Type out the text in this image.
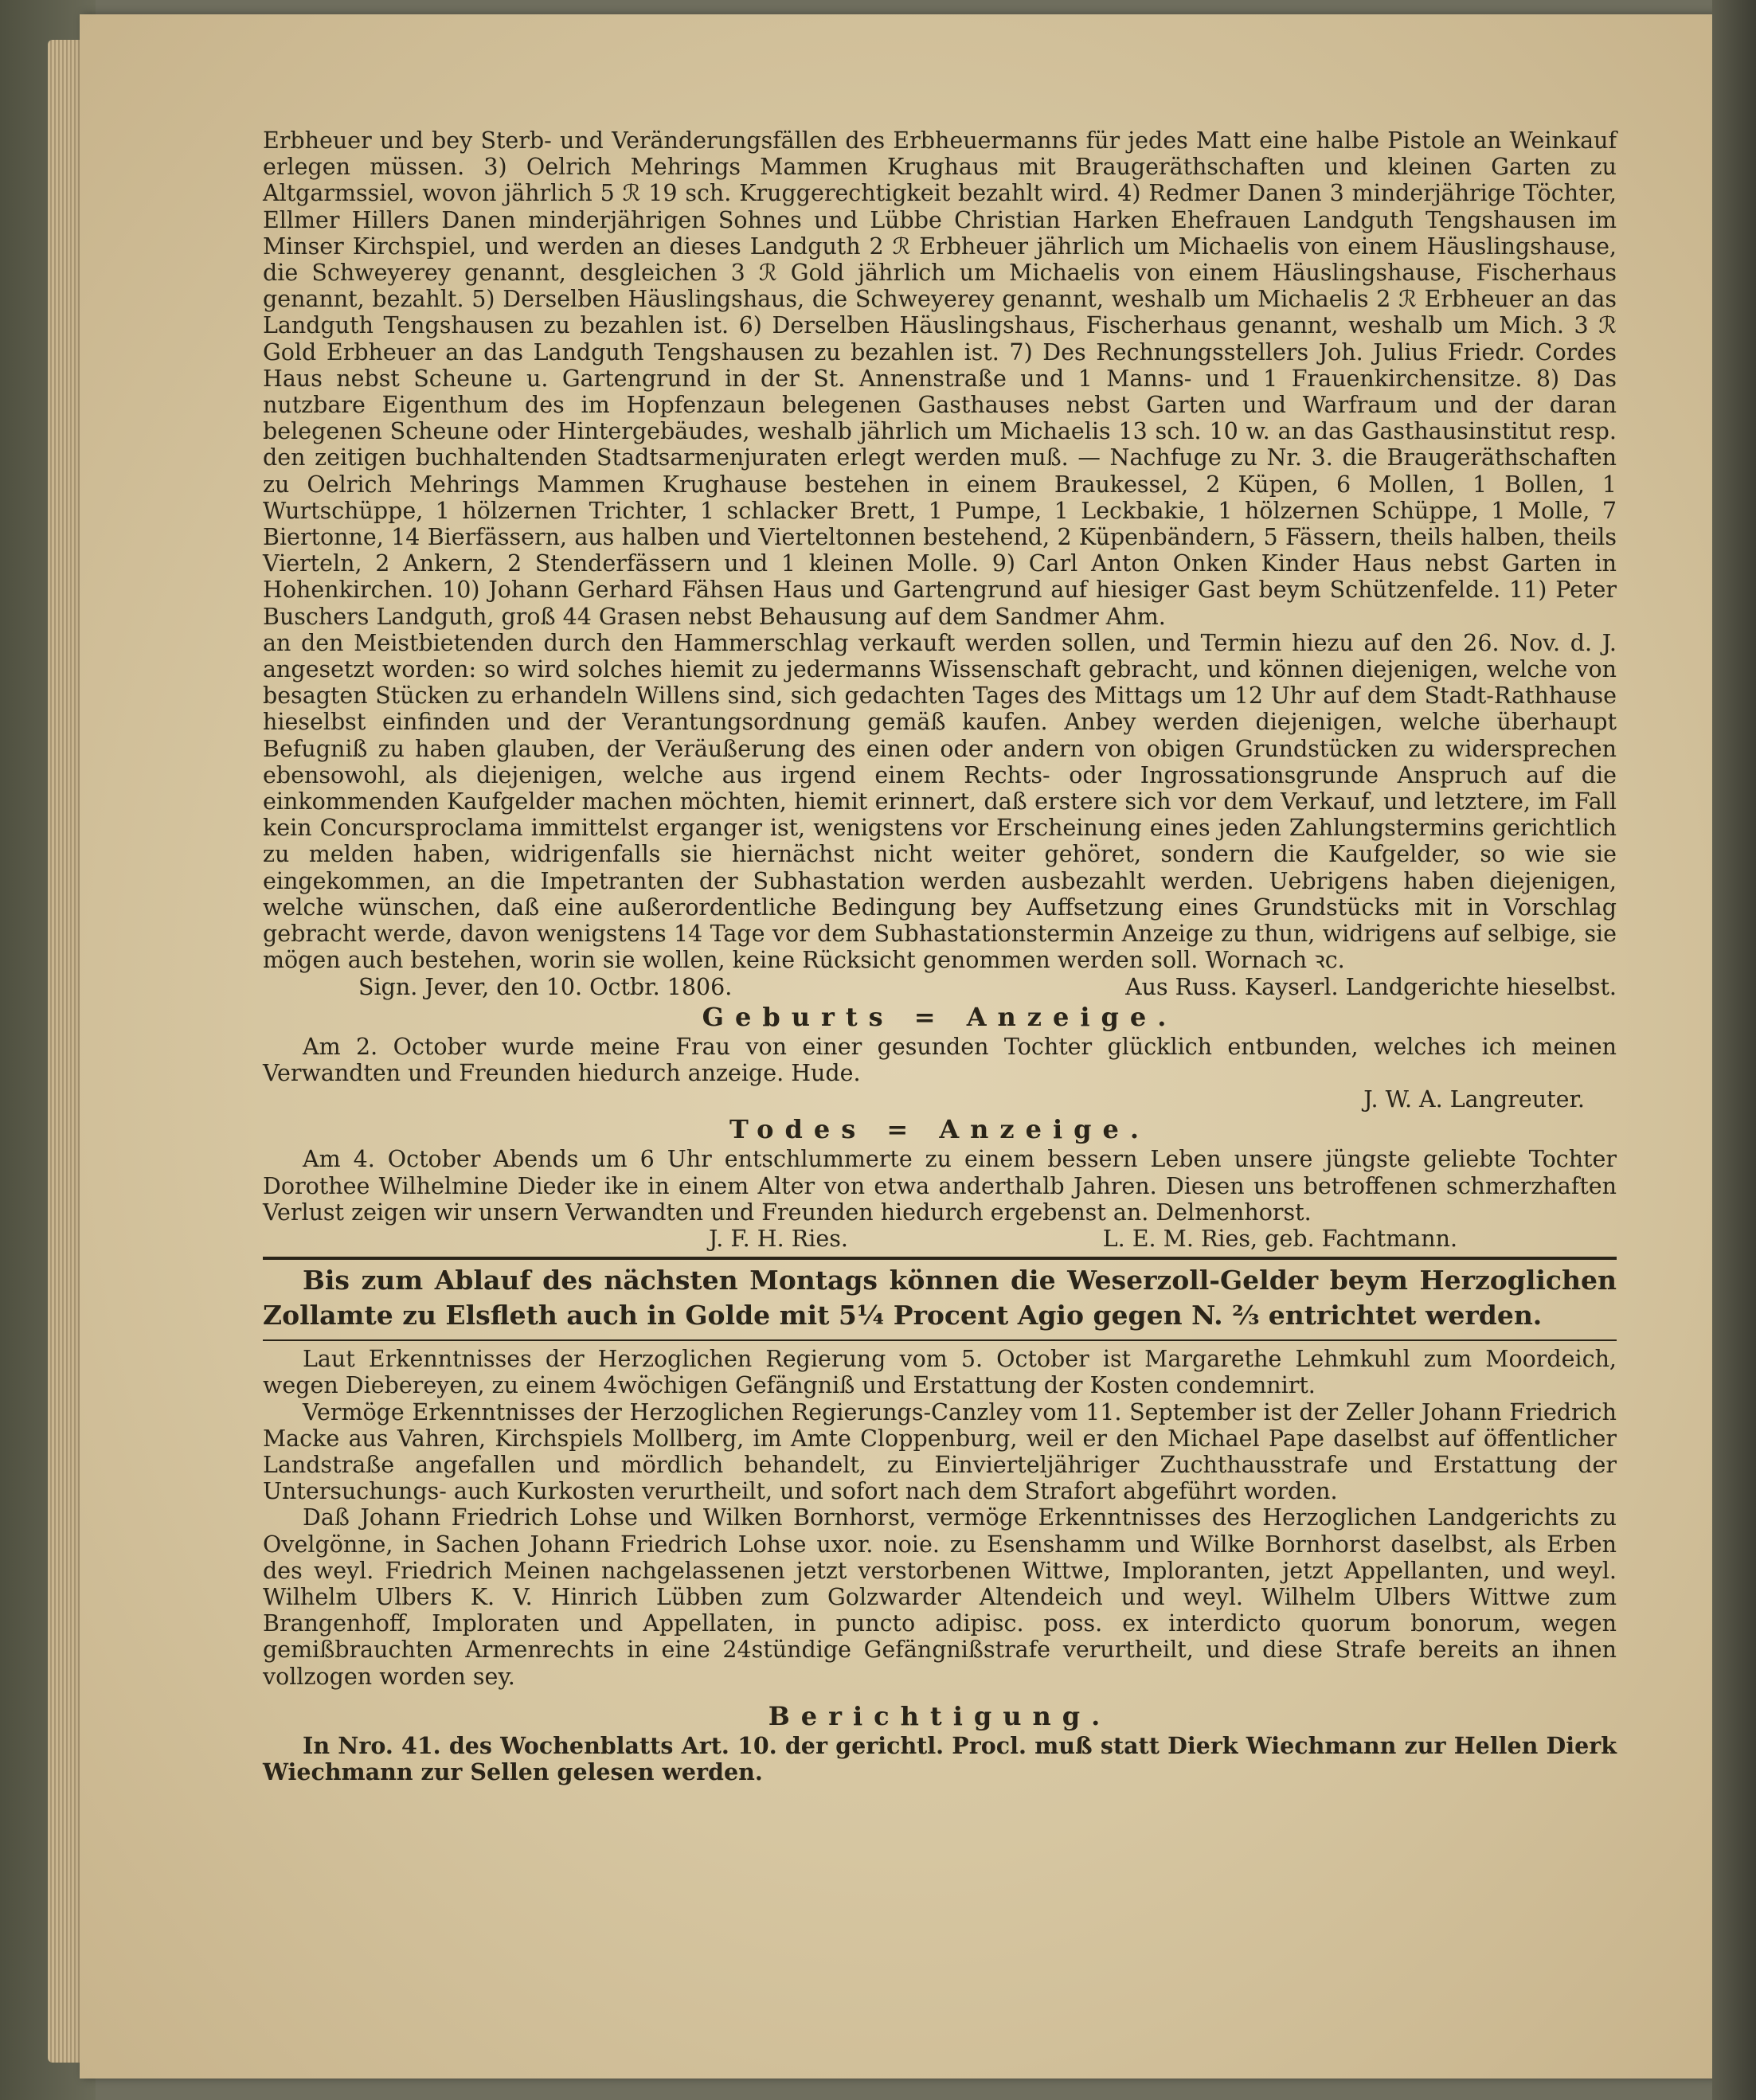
Erbheuer und bey Sterb- und Veränderungsfällen des Erbheuermanns für jedes Matt eine halbe Pistole an Weinkauf erlegen müssen. 3) Oelrich Mehrings Mammen Krughaus mit Braugeräthschaften und kleinen Garten zu Altgarmssiel, wovon jährlich 5 ℛ 19 sch. Kruggerechtigkeit bezahlt wird. 4) Redmer Danen 3 minderjährige Töchter, Ellmer Hillers Danen minderjährigen Sohnes und Lübbe Christian Harken Ehefrauen Landguth Tengshausen im Minser Kirchspiel, und werden an dieses Landguth 2 ℛ Erbheuer jährlich um Michaelis von einem Häuslingshause, die Schweyerey genannt, desgleichen 3 ℛ Gold jährlich um Michaelis von einem Häuslingshause, Fischerhaus genannt, bezahlt. 5) Derselben Häuslingshaus, die Schweyerey genannt, weshalb um Michaelis 2 ℛ Erbheuer an das Landguth Tengshausen zu bezahlen ist. 6) Derselben Häuslingshaus, Fischerhaus genannt, weshalb um Mich. 3 ℛ Gold Erbheuer an das Landguth Tengshausen zu bezahlen ist. 7) Des Rechnungsstellers Joh. Julius Friedr. Cordes Haus nebst Scheune u. Gartengrund in der St. Annenstraße und 1 Manns- und 1 Frauenkirchensitze. 8) Das nutzbare Eigenthum des im Hopfenzaun belegenen Gasthauses nebst Garten und Warfraum und der daran belegenen Scheune oder Hintergebäudes, weshalb jährlich um Michaelis 13 sch. 10 w. an das Gasthausinstitut resp. den zeitigen buchhaltenden Stadtsarmenjuraten erlegt werden muß. — Nachfuge zu Nr. 3. die Braugeräthschaften zu Oelrich Mehrings Mammen Krughause bestehen in einem Braukessel, 2 Küpen, 6 Mollen, 1 Bollen, 1 Wurtschüppe, 1 hölzernen Trichter, 1 schlacker Brett, 1 Pumpe, 1 Leckbakie, 1 hölzernen Schüppe, 1 Molle, 7 Biertonne, 14 Bierfässern, aus halben und Vierteltonnen bestehend, 2 Küpenbändern, 5 Fässern, theils halben, theils Vierteln, 2 Ankern, 2 Stenderfässern und 1 kleinen Molle. 9) Carl Anton Onken Kinder Haus nebst Garten in Hohenkirchen. 10) Johann Gerhard Fähsen Haus und Gartengrund auf hiesiger Gast beym Schützenfelde. 11) Peter Buschers Landguth, groß 44 Grasen nebst Behausung auf dem Sandmer Ahm.

an den Meistbietenden durch den Hammerschlag verkauft werden sollen, und Termin hiezu auf den 26. Nov. d. J. angesetzt worden: so wird solches hiemit zu jedermanns Wissenschaft gebracht, und können diejenigen, welche von besagten Stücken zu erhandeln Willens sind, sich gedachten Tages des Mittags um 12 Uhr auf dem Stadt-Rathhause hieselbst einfinden und der Verantungsordnung gemäß kaufen. Anbey werden diejenigen, welche überhaupt Befugniß zu haben glauben, der Veräußerung des einen oder andern von obigen Grundstücken zu widersprechen ebensowohl, als diejenigen, welche aus irgend einem Rechts- oder Ingrossationsgrunde Anspruch auf die einkommenden Kaufgelder machen möchten, hiemit erinnert, daß erstere sich vor dem Verkauf, und letztere, im Fall kein Concursproclama immittelst erganger ist, wenigstens vor Erscheinung eines jeden Zahlungstermins gerichtlich zu melden haben, widrigenfalls sie hiernächst nicht weiter gehöret, sondern die Kaufgelder, so wie sie eingekommen, an die Impetranten der Subhastation werden ausbezahlt werden. Uebrigens haben diejenigen, welche wünschen, daß eine außerordentliche Bedingung bey Auffsetzung eines Grundstücks mit in Vorschlag gebracht werde, davon wenigstens 14 Tage vor dem Subhastationstermin Anzeige zu thun, widrigens auf selbige, sie mögen auch bestehen, worin sie wollen, keine Rücksicht genommen werden soll. Wornach ꝛc.

Sign. Jever, den 10. Octbr. 1806.	Aus Russ. Kayserl. Landgerichte hieselbst.
Geburts = Anzeige.

Am 2. October wurde meine Frau von einer gesunden Tochter glücklich entbunden, welches ich meinen Verwandten und Freunden hiedurch anzeige. Hude.

J. W. A. Langreuter.
Todes = Anzeige.

Am 4. October Abends um 6 Uhr entschlummerte zu einem bessern Leben unsere jüngste geliebte Tochter Dorothee Wilhelmine Dieder ike in einem Alter von etwa anderthalb Jahren. Diesen uns betroffenen schmerzhaften Verlust zeigen wir unsern Verwandten und Freunden hiedurch ergebenst an. Delmenhorst.

J. F. H. Ries.	L. E. M. Ries, geb. Fachtmann.

Bis zum Ablauf des nächsten Montags können die Weserzoll-Gelder beym Herzoglichen Zollamte zu Elsfleth auch in Golde mit 5¼ Procent Agio gegen N. ⅔ entrichtet werden.

Laut Erkenntnisses der Herzoglichen Regierung vom 5. October ist Margarethe Lehmkuhl zum Moordeich, wegen Diebereyen, zu einem 4wöchigen Gefängniß und Erstattung der Kosten condemnirt.

Vermöge Erkenntnisses der Herzoglichen Regierungs-Canzley vom 11. September ist der Zeller Johann Friedrich Macke aus Vahren, Kirchspiels Mollberg, im Amte Cloppenburg, weil er den Michael Pape daselbst auf öffentlicher Landstraße angefallen und mördlich behandelt, zu Einvierteljähriger Zuchthausstrafe und Erstattung der Untersuchungs- auch Kurkosten verurtheilt, und sofort nach dem Strafort abgeführt worden.

Daß Johann Friedrich Lohse und Wilken Bornhorst, vermöge Erkenntnisses des Herzoglichen Landgerichts zu Ovelgönne, in Sachen Johann Friedrich Lohse uxor. noie. zu Esenshamm und Wilke Bornhorst daselbst, als Erben des weyl. Friedrich Meinen nachgelassenen jetzt verstorbenen Wittwe, Imploranten, jetzt Appellanten, und weyl. Wilhelm Ulbers K. V. Hinrich Lübben zum Golzwarder Altendeich und weyl. Wilhelm Ulbers Wittwe zum Brangenhoff, Imploraten und Appellaten, in puncto adipisc. poss. ex interdicto quorum bonorum, wegen gemißbrauchten Armenrechts in eine 24stündige Gefängnißstrafe verurtheilt, und diese Strafe bereits an ihnen vollzogen worden sey.

Berichtigung.

In Nro. 41. des Wochenblatts Art. 10. der gerichtl. Procl. muß statt Dierk Wiechmann zur Hellen Dierk Wiechmann zur Sellen gelesen werden.
